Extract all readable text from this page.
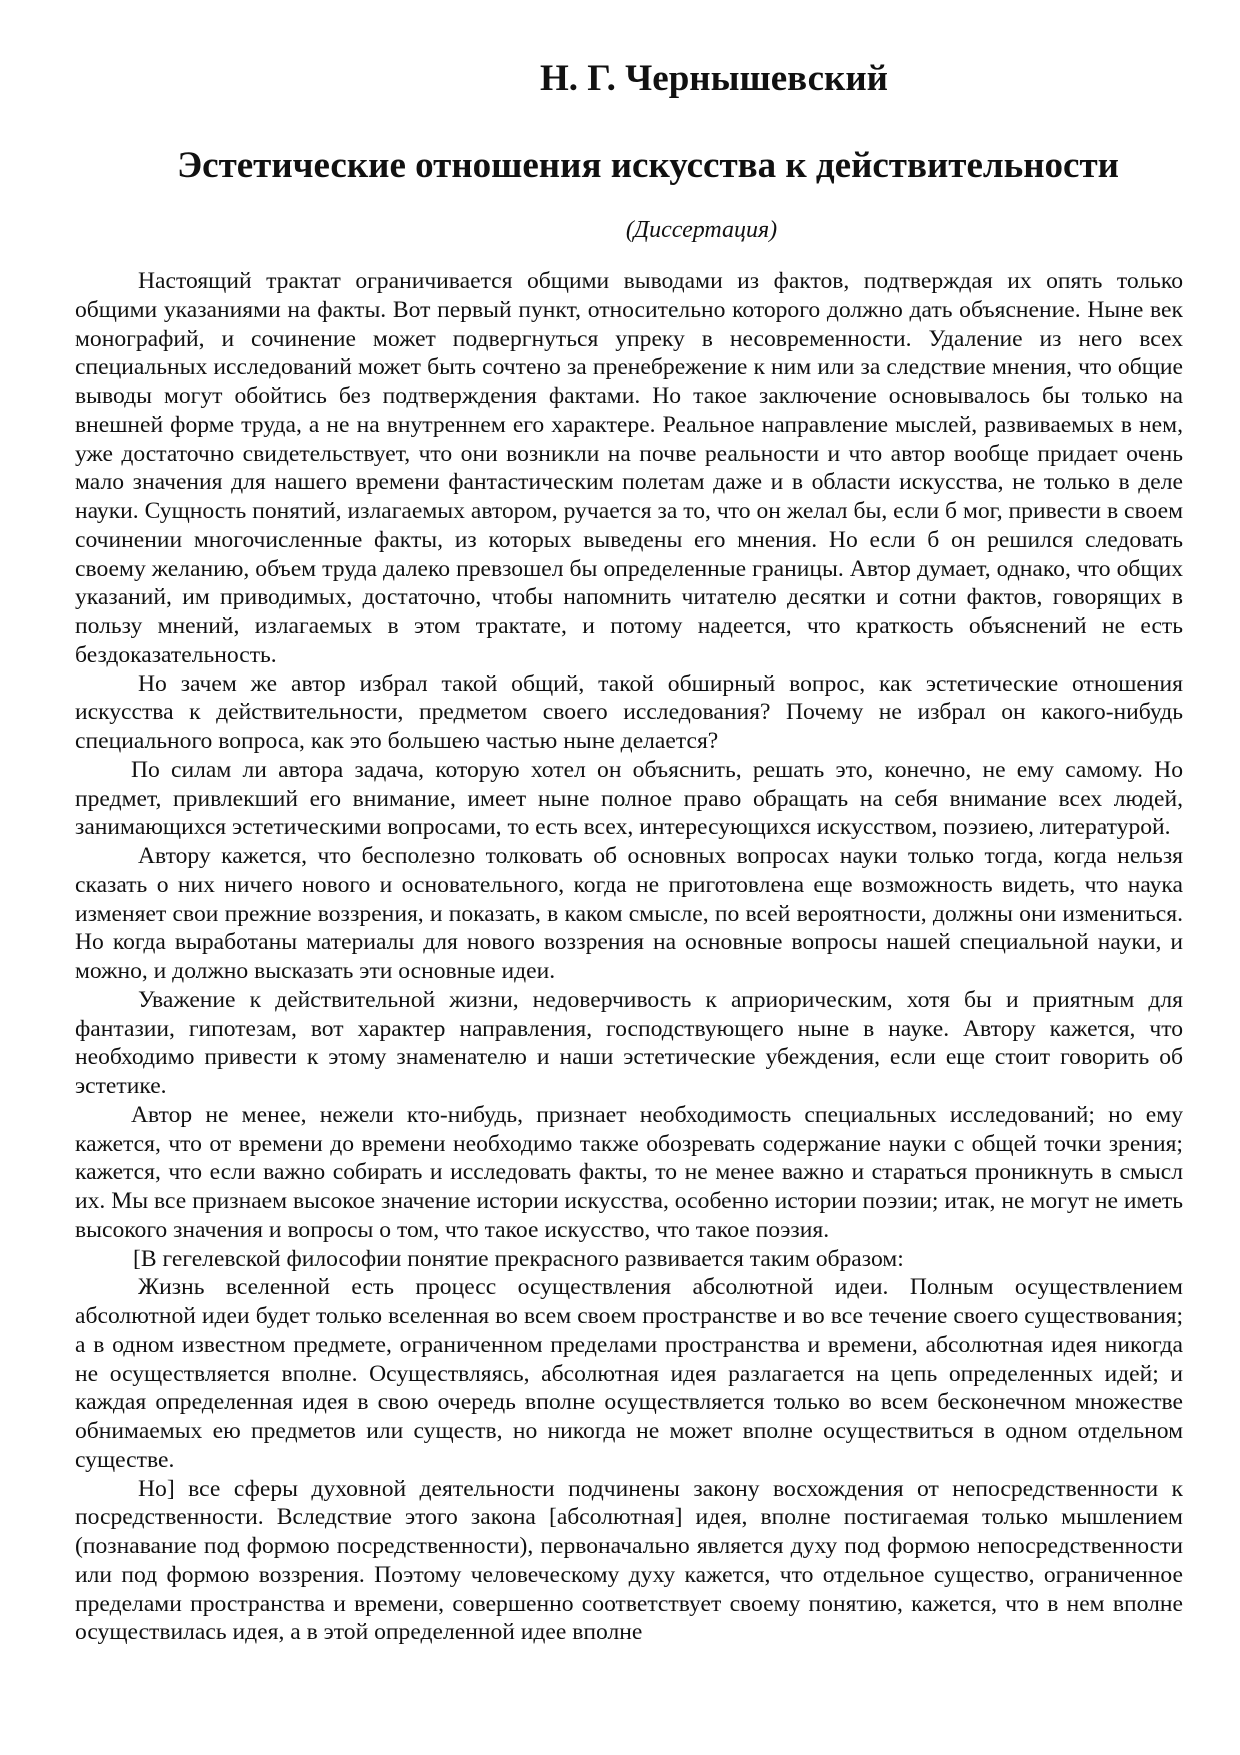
Н. Г. Чернышевский
Эстетические отношения искусства к действительности

(Диссертация)

Настоящий трактат ограничивается общими выводами из фактов, подтверждая их опять только общими указаниями на факты. Вот первый пункт, относительно которого должно дать объяснение. Ныне век монографий, и сочинение может подвергнуться упреку в несовременности. Удаление из него всех специальных исследований может быть сочтено за пренебрежение к ним или за следствие мнения, что общие выводы могут обойтись без подтверждения фактами. Но такое заключение основывалось бы только на внешней форме труда, а не на внутреннем его характере. Реальное направление мыслей, развиваемых в нем, уже достаточно свидетельствует, что они возникли на почве реальности и что автор вообще придает очень мало значения для нашего времени фантастическим полетам даже и в области искусства, не только в деле науки. Сущность понятий, излагаемых автором, ручается за то, что он желал бы, если б мог, привести в своем сочинении многочисленные факты, из которых выведены его мнения. Но если б он решился следовать своему желанию, объем труда далеко превзошел бы определенные границы. Автор думает, однако, что общих указаний, им приводимых, достаточно, чтобы напомнить читателю десятки и сотни фактов, говорящих в пользу мнений, излагаемых в этом трактате, и потому надеется, что краткость объяснений не есть бездоказательность.

Но зачем же автор избрал такой общий, такой обширный вопрос, как эстетические отношения искусства к действительности, предметом своего исследования? Почему не избрал он какого-нибудь специального вопроса, как это большею частью ныне делается?

По силам ли автора задача, которую хотел он объяснить, решать это, конечно, не ему самому. Но предмет, привлекший его внимание, имеет ныне полное право обращать на себя внимание всех людей, занимающихся эстетическими вопросами, то есть всех, интересующихся искусством, поэзиею, литературой.

Автору кажется, что бесполезно толковать об основных вопросах науки только тогда, когда нельзя сказать о них ничего нового и основательного, когда не приготовлена еще возможность видеть, что наука изменяет свои прежние воззрения, и показать, в каком смысле, по всей вероятности, должны они измениться. Но когда выработаны материалы для нового воззрения на основные вопросы нашей специальной науки, и можно, и должно высказать эти основные идеи.

Уважение к действительной жизни, недоверчивость к априорическим, хотя бы и приятным для фантазии, гипотезам, вот характер направления, господствующего ныне в науке. Автору кажется, что необходимо привести к этому знаменателю и наши эстетические убеждения, если еще стоит говорить об эстетике.

Автор не менее, нежели кто-нибудь, признает необходимость специальных исследований; но ему кажется, что от времени до времени необходимо также обозревать содержание науки с общей точки зрения; кажется, что если важно собирать и исследовать факты, то не менее важно и стараться проникнуть в смысл их. Мы все признаем высокое значение истории искусства, особенно истории поэзии; итак, не могут не иметь высокого значения и вопросы о том, что такое искусство, что такое поэзия.

[В гегелевской философии понятие прекрасного развивается таким образом:

Жизнь вселенной есть процесс осуществления абсолютной идеи. Полным осуществлением абсолютной идеи будет только вселенная во всем своем пространстве и во все течение своего существования; а в одном известном предмете, ограниченном пределами пространства и времени, абсолютная идея никогда не осуществляется вполне. Осуществляясь, абсолютная идея разлагается на цепь определенных идей; и каждая определенная идея в свою очередь вполне осуществляется только во всем бесконечном множестве обнимаемых ею предметов или существ, но никогда не может вполне осуществиться в одном отдельном существе.

Но] все сферы духовной деятельности подчинены закону восхождения от непосредственности к посредственности. Вследствие этого закона [абсолютная] идея, вполне постигаемая только мышлением (познавание под формою посредственности), первоначально является духу под формою непосредственности или под формою воззрения. Поэтому человеческому духу кажется, что отдельное существо, ограниченное пределами пространства и времени, совершенно соответствует своему понятию, кажется, что в нем вполне осуществилась идея, а в этой определенной идее вполне
